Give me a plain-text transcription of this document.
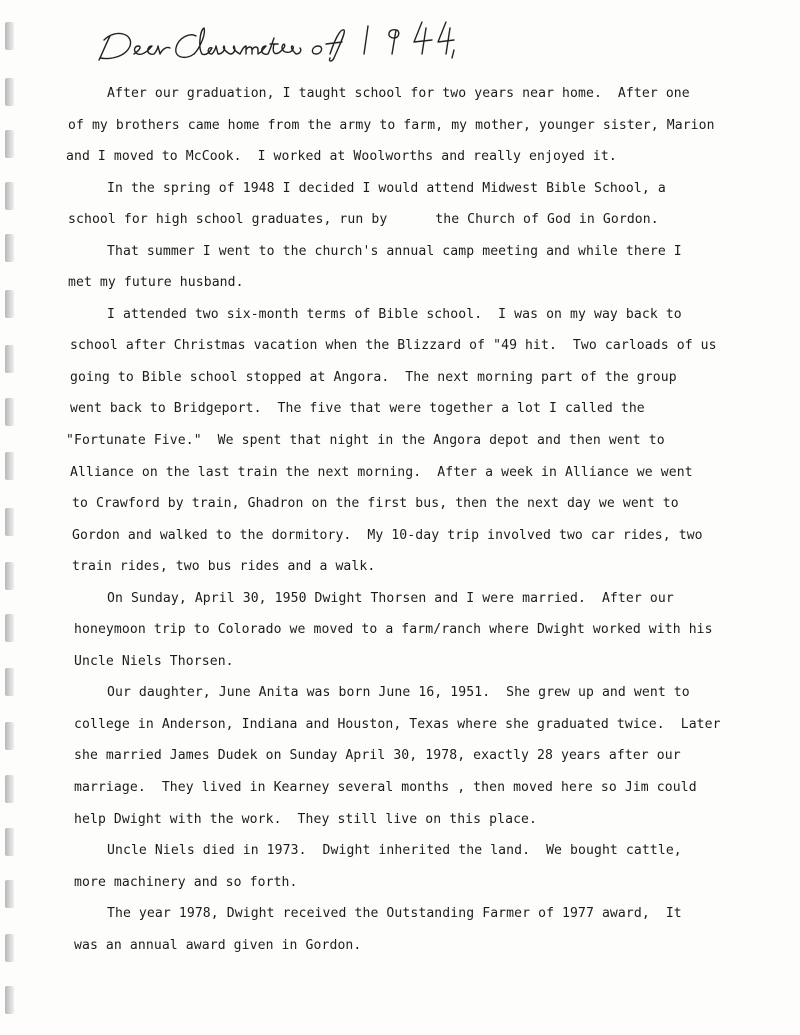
After our graduation, I taught school for two years near home.  After one
of my brothers came home from the army to farm, my mother, younger sister, Marion
and I moved to McCook.  I worked at Woolworths and really enjoyed it.
In the spring of 1948 I decided I would attend Midwest Bible School, a
school for high school graduates, run by      the Church of God in Gordon.
That summer I went to the church's annual camp meeting and while there I
met my future husband.
I attended two six-month terms of Bible school.  I was on my way back to
school after Christmas vacation when the Blizzard of "49 hit.  Two carloads of us
going to Bible school stopped at Angora.  The next morning part of the group
went back to Bridgeport.  The five that were together a lot I called the
"Fortunate Five."  We spent that night in the Angora depot and then went to
Alliance on the last train the next morning.  After a week in Alliance we went
to Crawford by train, Ghadron on the first bus, then the next day we went to
Gordon and walked to the dormitory.  My 10-day trip involved two car rides, two
train rides, two bus rides and a walk.
On Sunday, April 30, 1950 Dwight Thorsen and I were married.  After our
honeymoon trip to Colorado we moved to a farm/ranch where Dwight worked with his
Uncle Niels Thorsen.
Our daughter, June Anita was born June 16, 1951.  She grew up and went to
college in Anderson, Indiana and Houston, Texas where she graduated twice.  Later
she married James Dudek on Sunday April 30, 1978, exactly 28 years after our
marriage.  They lived in Kearney several months , then moved here so Jim could
help Dwight with the work.  They still live on this place.
Uncle Niels died in 1973.  Dwight inherited the land.  We bought cattle,
more machinery and so forth.
The year 1978, Dwight received the Outstanding Farmer of 1977 award,  It
was an annual award given in Gordon.
